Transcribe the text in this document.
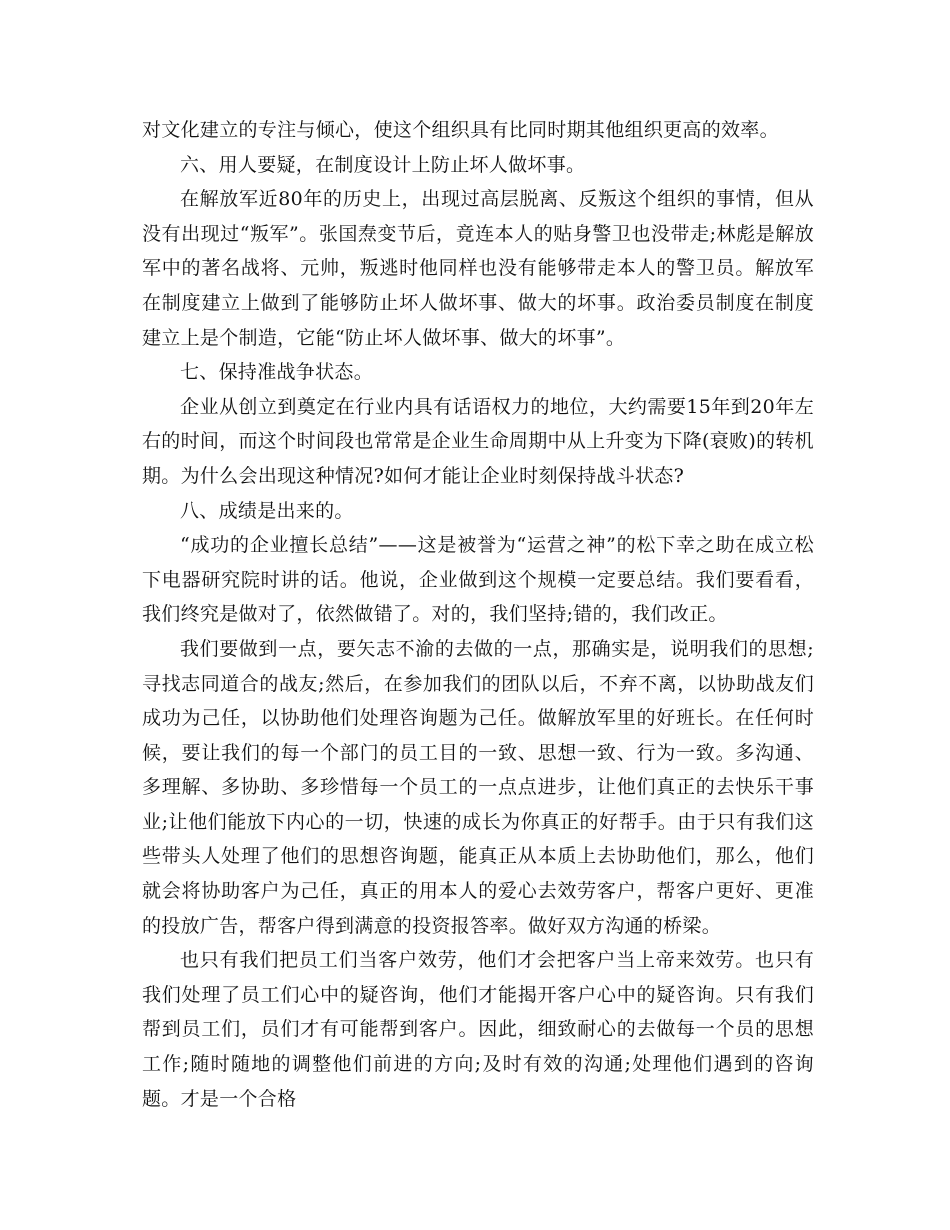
对文化建立的专注与倾心，使这个组织具有比同时期其他组织更高的效率。

六、用人要疑，在制度设计上防止坏人做坏事。

在解放军近80年的历史上，出现过高层脱离、反叛这个组织的事情，但从没有出现过“叛军”。张国焘变节后，竟连本人的贴身警卫也没带走;林彪是解放军中的著名战将、元帅，叛逃时他同样也没有能够带走本人的警卫员。解放军在制度建立上做到了能够防止坏人做坏事、做大的坏事。政治委员制度在制度建立上是个制造，它能“防止坏人做坏事、做大的坏事”。

七、保持准战争状态。

企业从创立到奠定在行业内具有话语权力的地位，大约需要15年到20年左右的时间，而这个时间段也常常是企业生命周期中从上升变为下降(衰败)的转机期。为什么会出现这种情况?如何才能让企业时刻保持战斗状态?

八、成绩是出来的。

“成功的企业擅长总结”——这是被誉为“运营之神”的松下幸之助在成立松下电器研究院时讲的话。他说，企业做到这个规模一定要总结。我们要看看，我们终究是做对了，依然做错了。对的，我们坚持;错的，我们改正。

我们要做到一点，要矢志不渝的去做的一点，那确实是，说明我们的思想;寻找志同道合的战友;然后，在参加我们的团队以后，不弃不离，以协助战友们成功为己任，以协助他们处理咨询题为己任。做解放军里的好班长。在任何时候，要让我们的每一个部门的员工目的一致、思想一致、行为一致。多沟通、多理解、多协助、多珍惜每一个员工的一点点进步，让他们真正的去快乐干事业;让他们能放下内心的一切，快速的成长为你真正的好帮手。由于只有我们这些带头人处理了他们的思想咨询题，能真正从本质上去协助他们，那么，他们就会将协助客户为己任，真正的用本人的爱心去效劳客户，帮客户更好、更准的投放广告，帮客户得到满意的投资报答率。做好双方沟通的桥梁。

也只有我们把员工们当客户效劳，他们才会把客户当上帝来效劳。也只有我们处理了员工们心中的疑咨询，他们才能揭开客户心中的疑咨询。只有我们帮到员工们，员们才有可能帮到客户。因此，细致耐心的去做每一个员的思想工作;随时随地的调整他们前进的方向;及时有效的沟通;处理他们遇到的咨询题。才是一个合格
